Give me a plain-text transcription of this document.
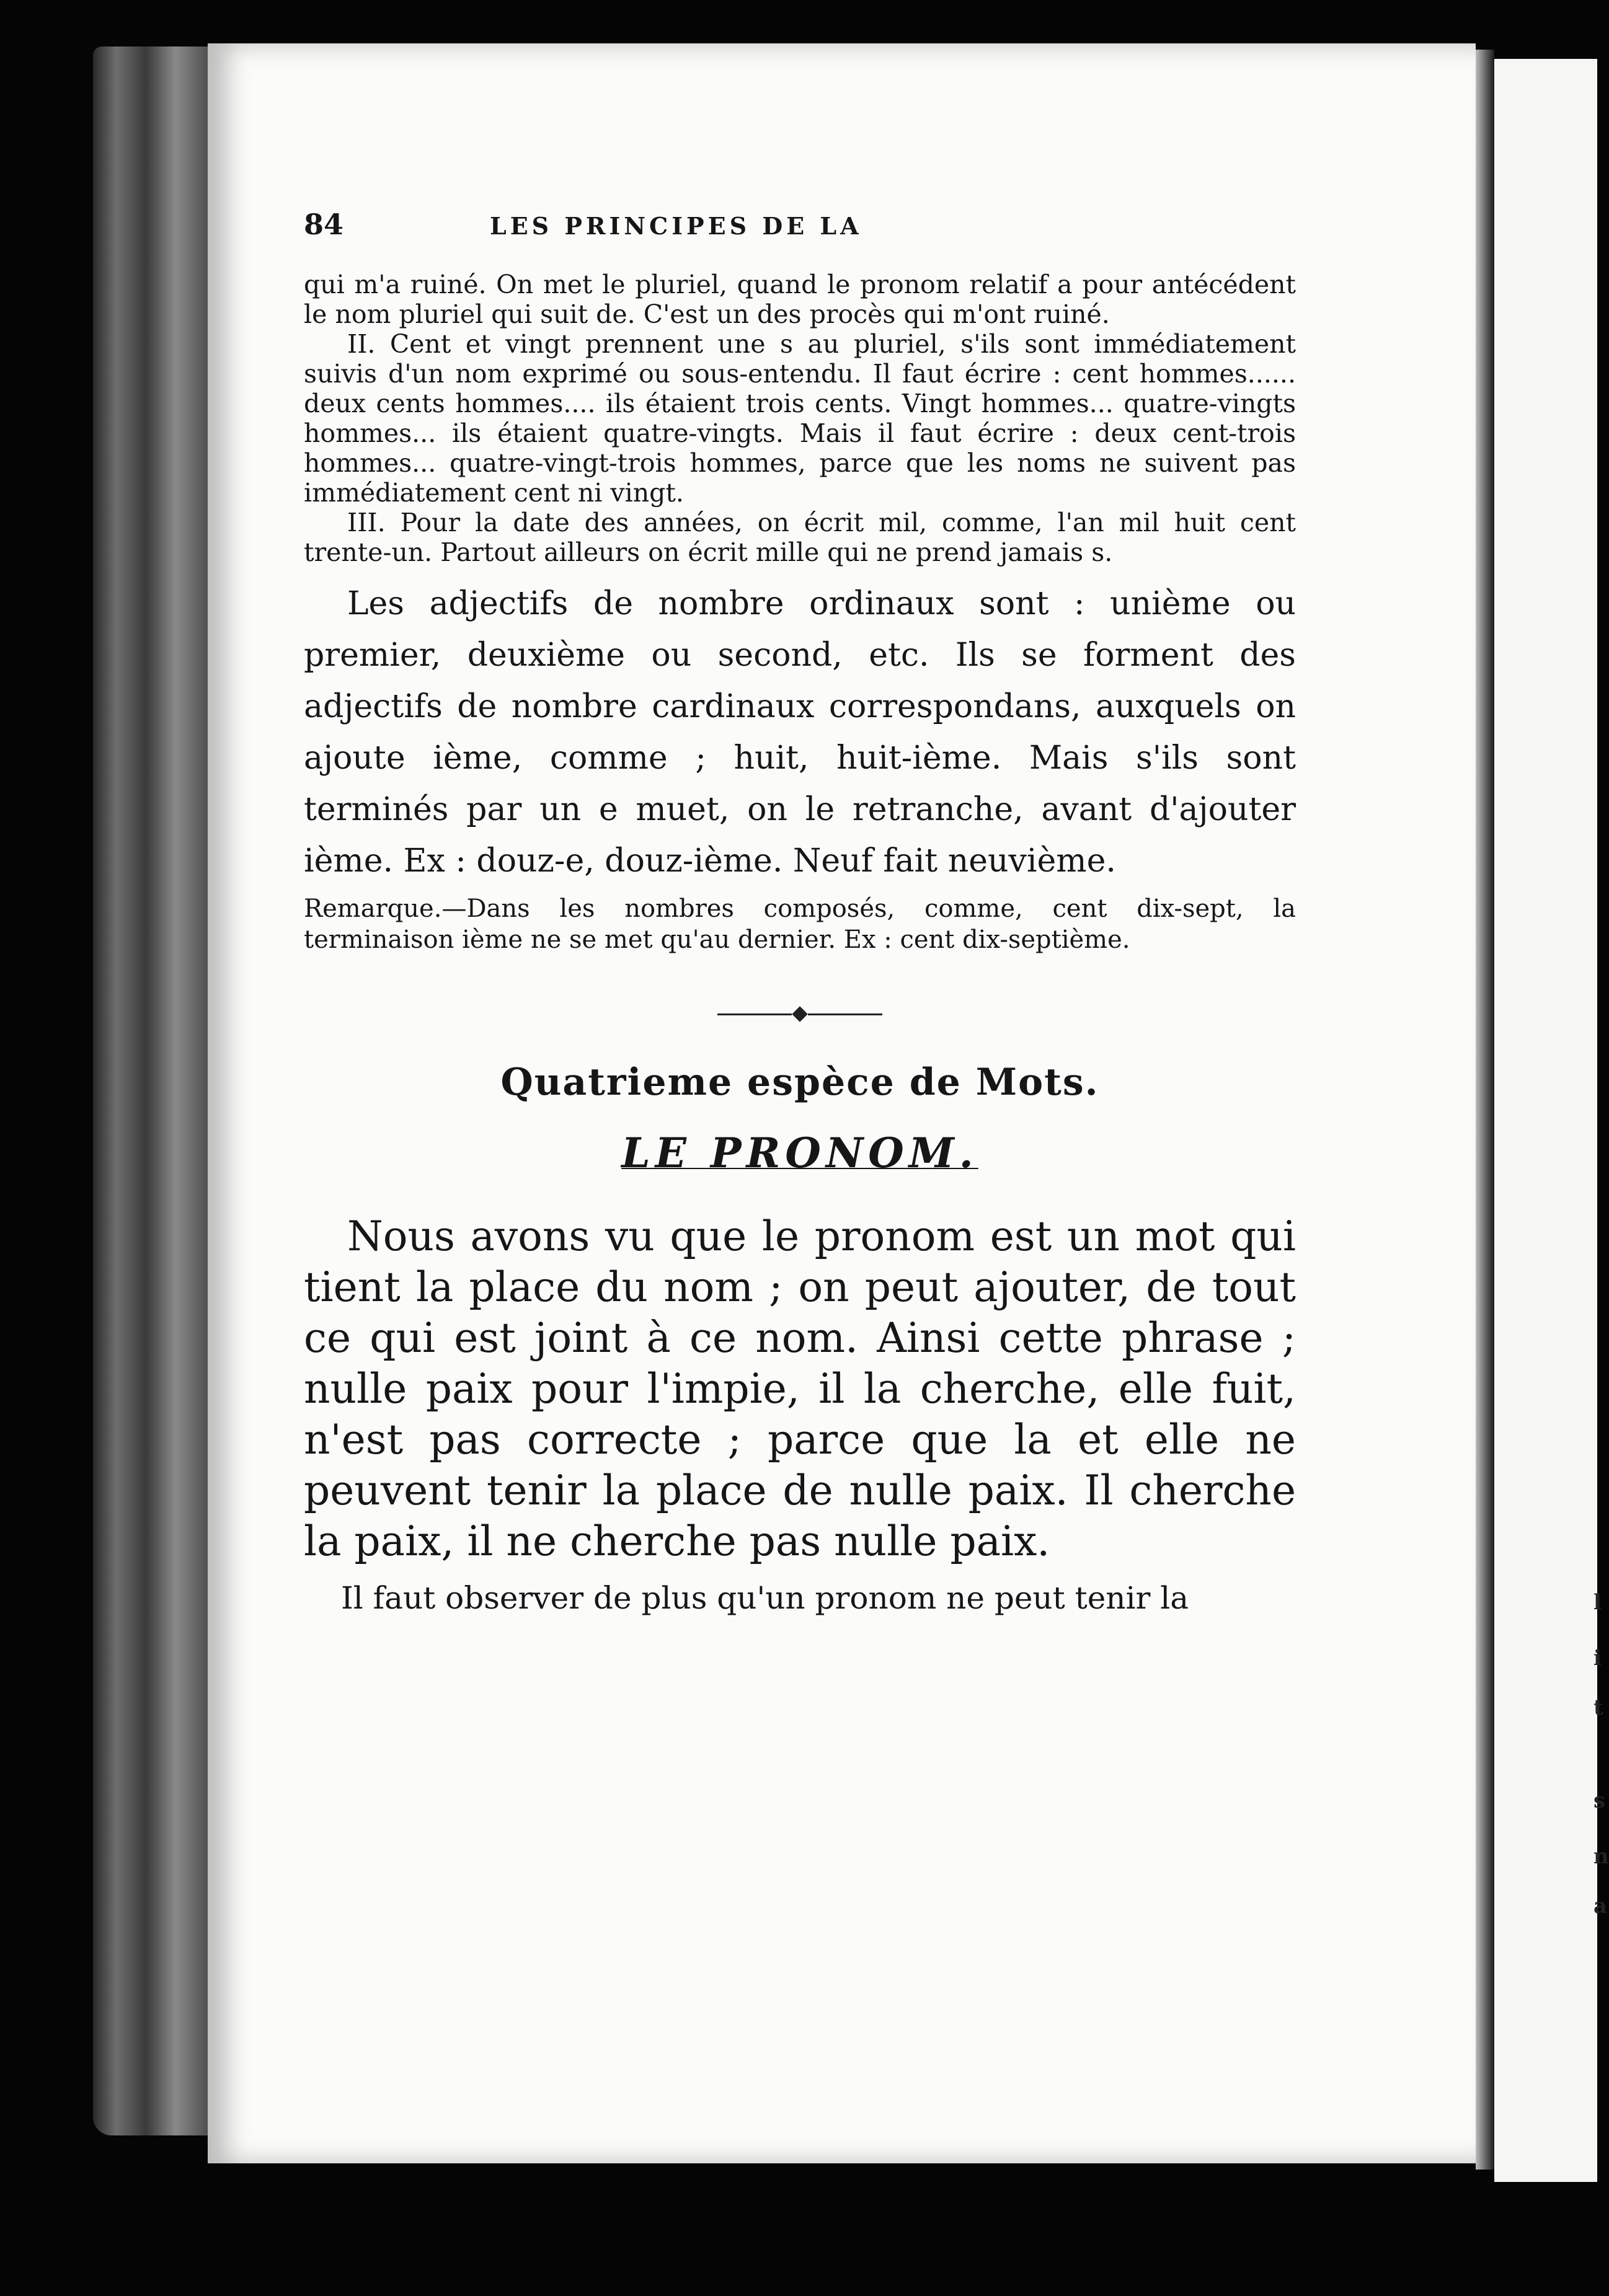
l
i
t
s
n
a
84	LES PRINCIPES DE LA

qui m'a ruiné. On met le pluriel, quand le pronom relatif a pour antécédent le nom pluriel qui suit de. C'est un des procès qui m'ont ruiné.

II. Cent et vingt prennent une s au pluriel, s'ils sont immédiatement suivis d'un nom exprimé ou sous-entendu. Il faut écrire : cent hommes...... deux cents hommes.... ils étaient trois cents. Vingt hommes... quatre-vingts hommes... ils étaient quatre-vingts. Mais il faut écrire : deux cent-trois hommes... quatre-vingt-trois hommes, parce que les noms ne suivent pas immédiatement cent ni vingt.

III. Pour la date des années, on écrit mil, comme, l'an mil huit cent trente-un. Partout ailleurs on écrit mille qui ne prend jamais s.

Les adjectifs de nombre ordinaux sont : unième ou premier, deuxième ou second, etc. Ils se forment des adjectifs de nombre cardinaux correspondans, auxquels on ajoute ième, comme ; huit, huit-ième. Mais s'ils sont terminés par un e muet, on le retranche, avant d'ajouter ième. Ex : douz-e, douz-ième. Neuf fait neuvième.

Remarque.—Dans les nombres composés, comme, cent dix-sept, la terminaison ième ne se met qu'au dernier. Ex : cent dix-septième.

Quatrieme espèce de Mots.
LE PRONOM.

Nous avons vu que le pronom est un mot qui tient la place du nom ; on peut ajouter, de tout ce qui est joint à ce nom. Ainsi cette phrase ; nulle paix pour l'impie, il la cherche, elle fuit, n'est pas correcte ; parce que la et elle ne peuvent tenir la place de nulle paix. Il cherche la paix, il ne cherche pas nulle paix.

Il faut observer de plus qu'un pronom ne peut tenir la
